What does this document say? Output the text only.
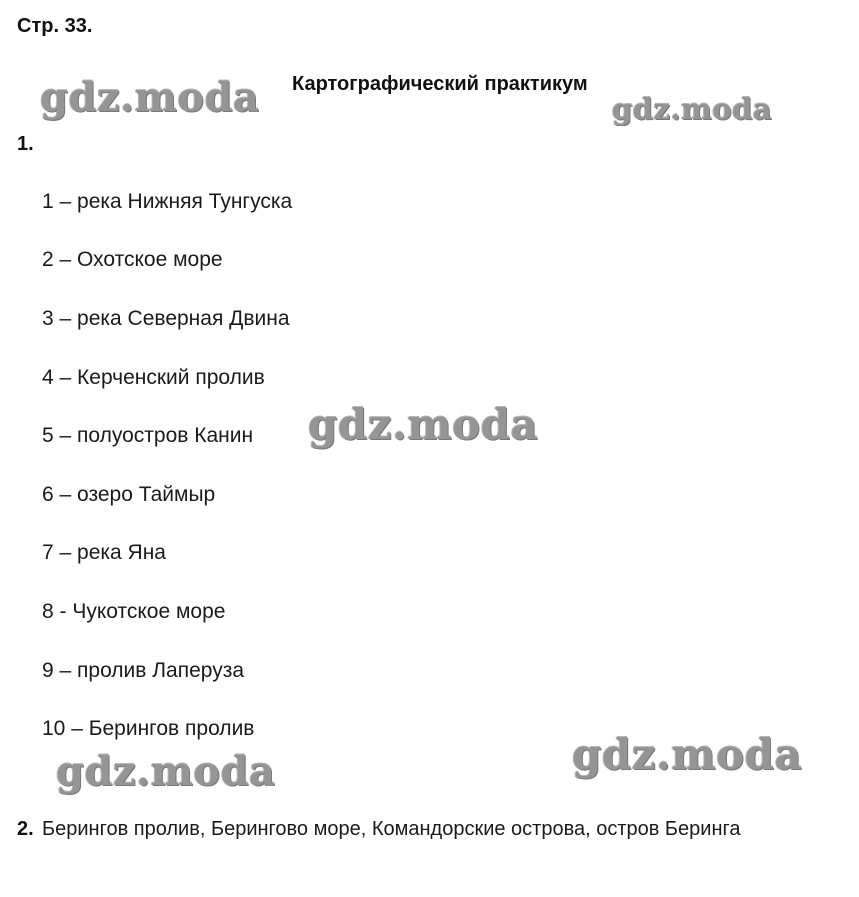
Стр. 33.
gdz.moda Картографический практикум
gdz.moda
1.
1 – река Нижняя Тунгуска
2 – Охотское море
3 – река Северная Двина
4 – Керченский пролив
5 – полуостров Канин
6 – озеро Таймыр
7 – река Яна
8 - Чукотское море
9 – пролив Лаперуза
10 – Берингов пролив
gdz.moda
gdz.moda	gdz.moda
2. Берингов пролив, Берингово море, Командорские острова, остров Беринга
